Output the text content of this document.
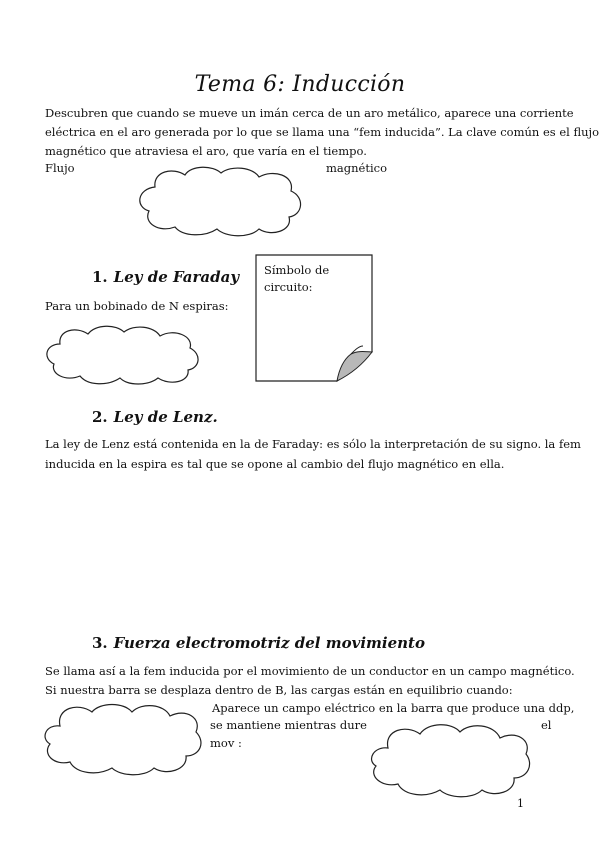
Tema 6: Inducción
Descubren que cuando se mueve un imán cerca de un aro metálico, aparece una corriente
eléctrica en el aro generada por lo que se llama una “fem inducida”. La clave común es el flujo
magnético que atraviesa el aro, que varía en el tiempo.
Flujo	magnético
1. Ley de Faraday
Para un bobinado de N espiras:
Símbolo de
circuito:
2. Ley de Lenz.
La ley de Lenz está contenida en la de Faraday: es sólo la interpretación de su signo. la fem
inducida en la espira es tal que se opone al cambio del flujo magnético en ella.
3. Fuerza electromotriz del movimiento
Se llama así a la fem inducida por el movimiento de un conductor en un campo magnético.
Si nuestra barra se desplaza dentro de B, las cargas están en equilibrio cuando:
Aparece un campo eléctrico en la barra que produce una ddp,
se mantiene mientras dure	el
mov :
1
